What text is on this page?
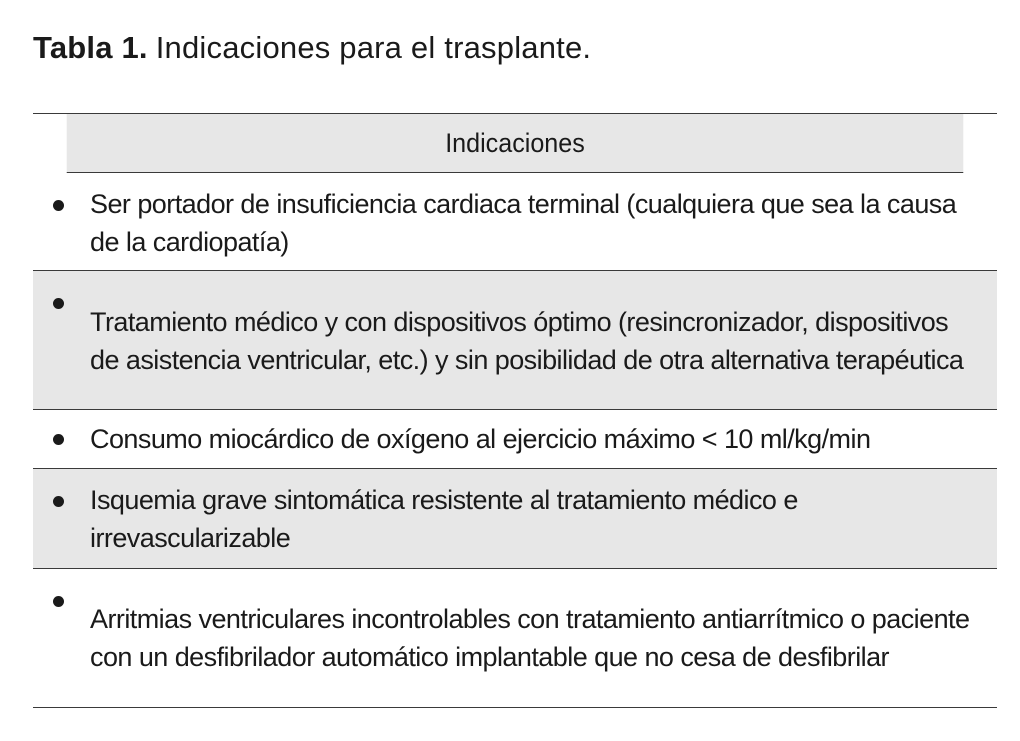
Tabla 1. Indicaciones para el trasplante.
Indicaciones
Ser portador de insuficiencia cardiaca terminal (cualquiera que sea la causa de la cardiopatía)
Tratamiento médico y con dispositivos óptimo (resincronizador, dispositivos de asistencia ventricular, etc.) y sin posibilidad de otra alternativa terapéutica
Consumo miocárdico de oxígeno al ejercicio máximo < 10 ml/kg/min
Isquemia grave sintomática resistente al tratamiento médico e irrevascularizable
Arritmias ventriculares incontrolables con tratamiento antiarrítmico o paciente con un desfibrilador automático implantable que no cesa de desfibrilar
